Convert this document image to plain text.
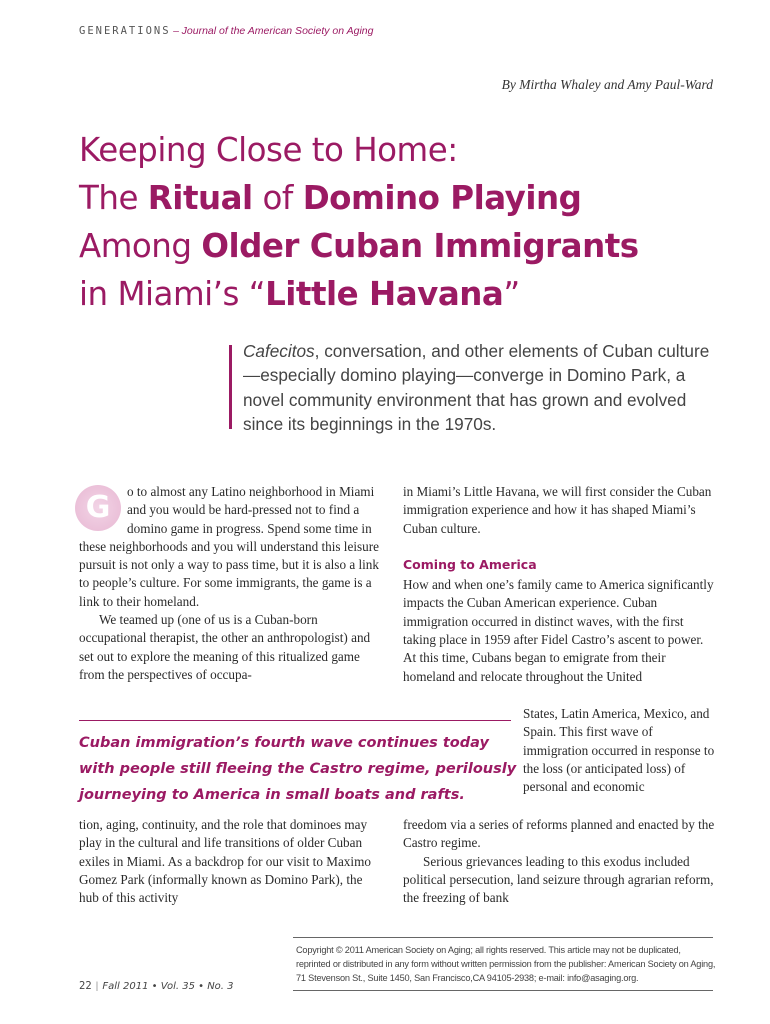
GENERATIONS – Journal of the American Society on Aging
By Mirtha Whaley and Amy Paul-Ward
Keeping Close to Home:
The Ritual of Domino Playing
Among Older Cuban Immigrants
in Miami’s “Little Havana”
Cafecitos, conversation, and other elements of Cuban culture—especially domino playing—converge in Domino Park, a novel community environment that has grown and evolved since its beginnings in the 1970s.

G	o to almost any Latino neighborhood in Miami and you would be hard-pressed not to find a domino game in progress. Spend some time in these neighborhoods and you will understand this leisure pursuit is not only a way to pass time, but it is also a link to people’s culture. For some immigrants, the game is a link to their homeland.

We teamed up (one of us is a Cuban-born occupational therapist, the other an anthropologist) and set out to explore the meaning of this ritualized game from the perspectives of occupa-

in Miami’s Little Havana, we will first consider the Cuban immigration experience and how it has shaped Miami’s Cuban culture.

Coming to America

How and when one’s family came to America significantly impacts the Cuban American experience. Cuban immigration occurred in distinct waves, with the first taking place in 1959 after Fidel Castro’s ascent to power. At this time, Cubans began to emigrate from their homeland and relocate throughout the United

Cuban immigration’s fourth wave continues today with people still fleeing the Castro regime, perilously journeying to America in small boats and rafts.

States, Latin America, Mexico, and Spain. This first wave of immigration occurred in response to the loss (or anticipated loss) of personal and economic

tion, aging, continuity, and the role that dominoes may play in the cultural and life transitions of older Cuban exiles in Miami. As a backdrop for our visit to Maximo Gomez Park (informally known as Domino Park), the hub of this activity

freedom via a series of reforms planned and enacted by the Castro regime.

Serious grievances leading to this exodus included political persecution, land seizure through agrarian reform, the freezing of bank

Copyright © 2011 American Society on Aging; all rights reserved. This article may not be duplicated, reprinted or distributed in any form without written permission from the publisher: American Society on Aging, 71 Stevenson St., Suite 1450, San Francisco,CA 94105-2938; e-mail: info@asaging.org.
22 | Fall 2011 • Vol. 35 • No. 3
